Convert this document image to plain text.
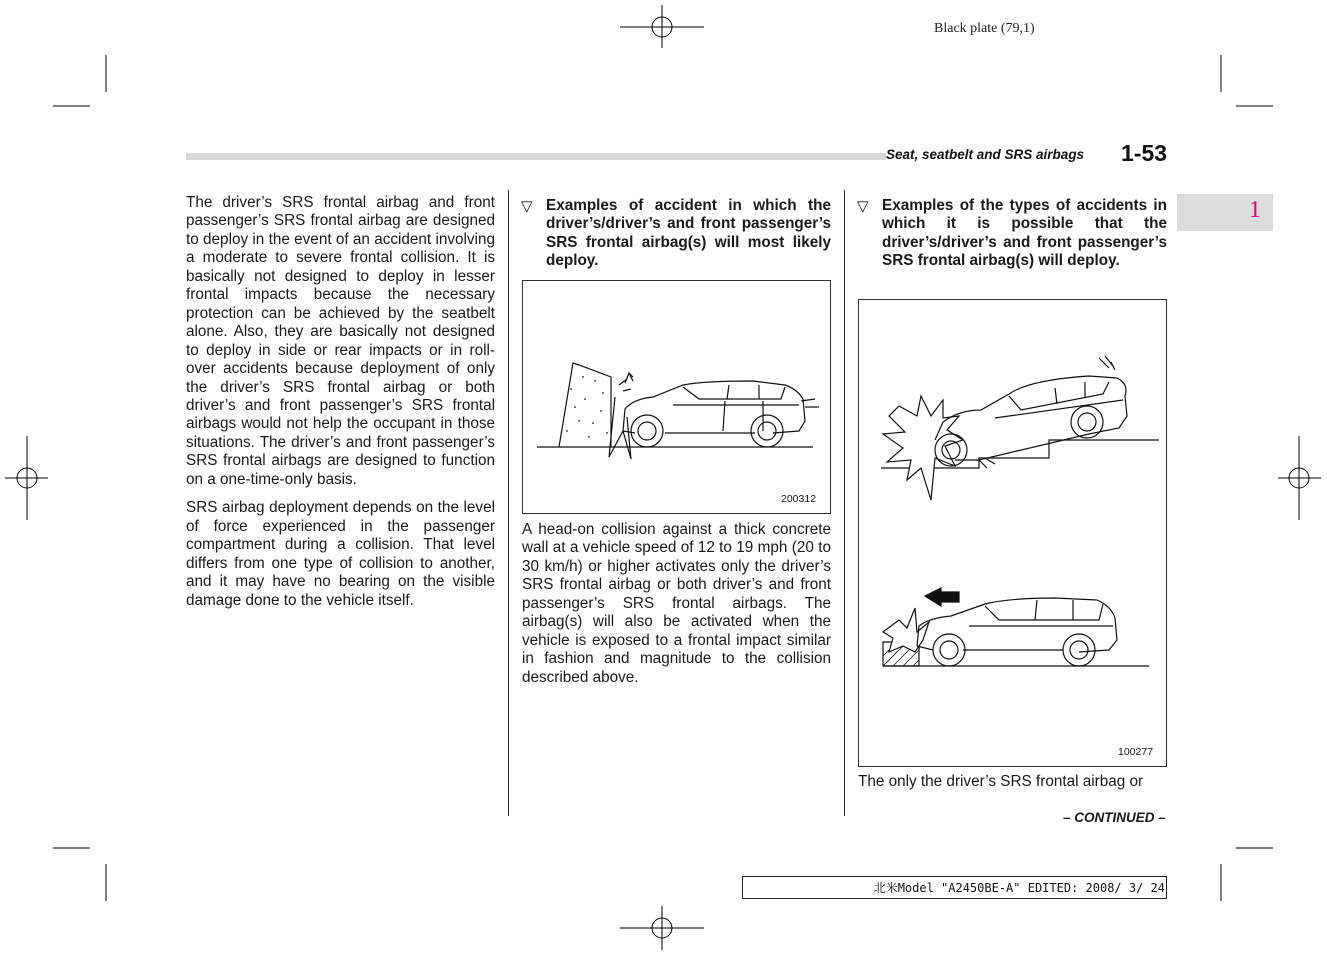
Black plate (79,1)
Seat, seatbelt and SRS airbags 1-53
1

The driver’s SRS frontal airbag and front passenger’s SRS frontal airbag are designed to deploy in the event of an accident involving a moderate to severe frontal collision. It is basically not designed to deploy in lesser frontal impacts because the necessary protection can be achieved by the seatbelt alone. Also, they are basically not designed to deploy in side or rear impacts or in roll-over accidents because deployment of only the driver’s SRS frontal airbag or both driver’s and front passenger’s SRS frontal airbags would not help the occupant in those situations. The driver’s and front passenger’s SRS frontal airbags are designed to function on a one-time-only basis.

SRS airbag deployment depends on the level of force experienced in the passenger compartment during a collision. That level differs from one type of collision to another, and it may have no bearing on the visible damage done to the vehicle itself.

▽ Examples of accident in which the driver’s/driver’s and front passenger’s SRS frontal airbag(s) will most likely deploy.

200312

A head-on collision against a thick concrete wall at a vehicle speed of 12 to 19 mph (20 to 30 km/h) or higher activates only the driver’s SRS frontal airbag or both driver’s and front passenger’s SRS frontal airbags. The airbag(s) will also be activated when the vehicle is exposed to a frontal impact similar in fashion and magnitude to the collision described above.

▽ Examples of the types of accidents in which it is possible that the driver’s/driver’s and front passenger’s SRS frontal airbag(s) will deploy.

100277

The only the driver’s SRS frontal airbag or

– CONTINUED –
北米Model "A2450BE-A" EDITED: 2008/ 3/ 24
